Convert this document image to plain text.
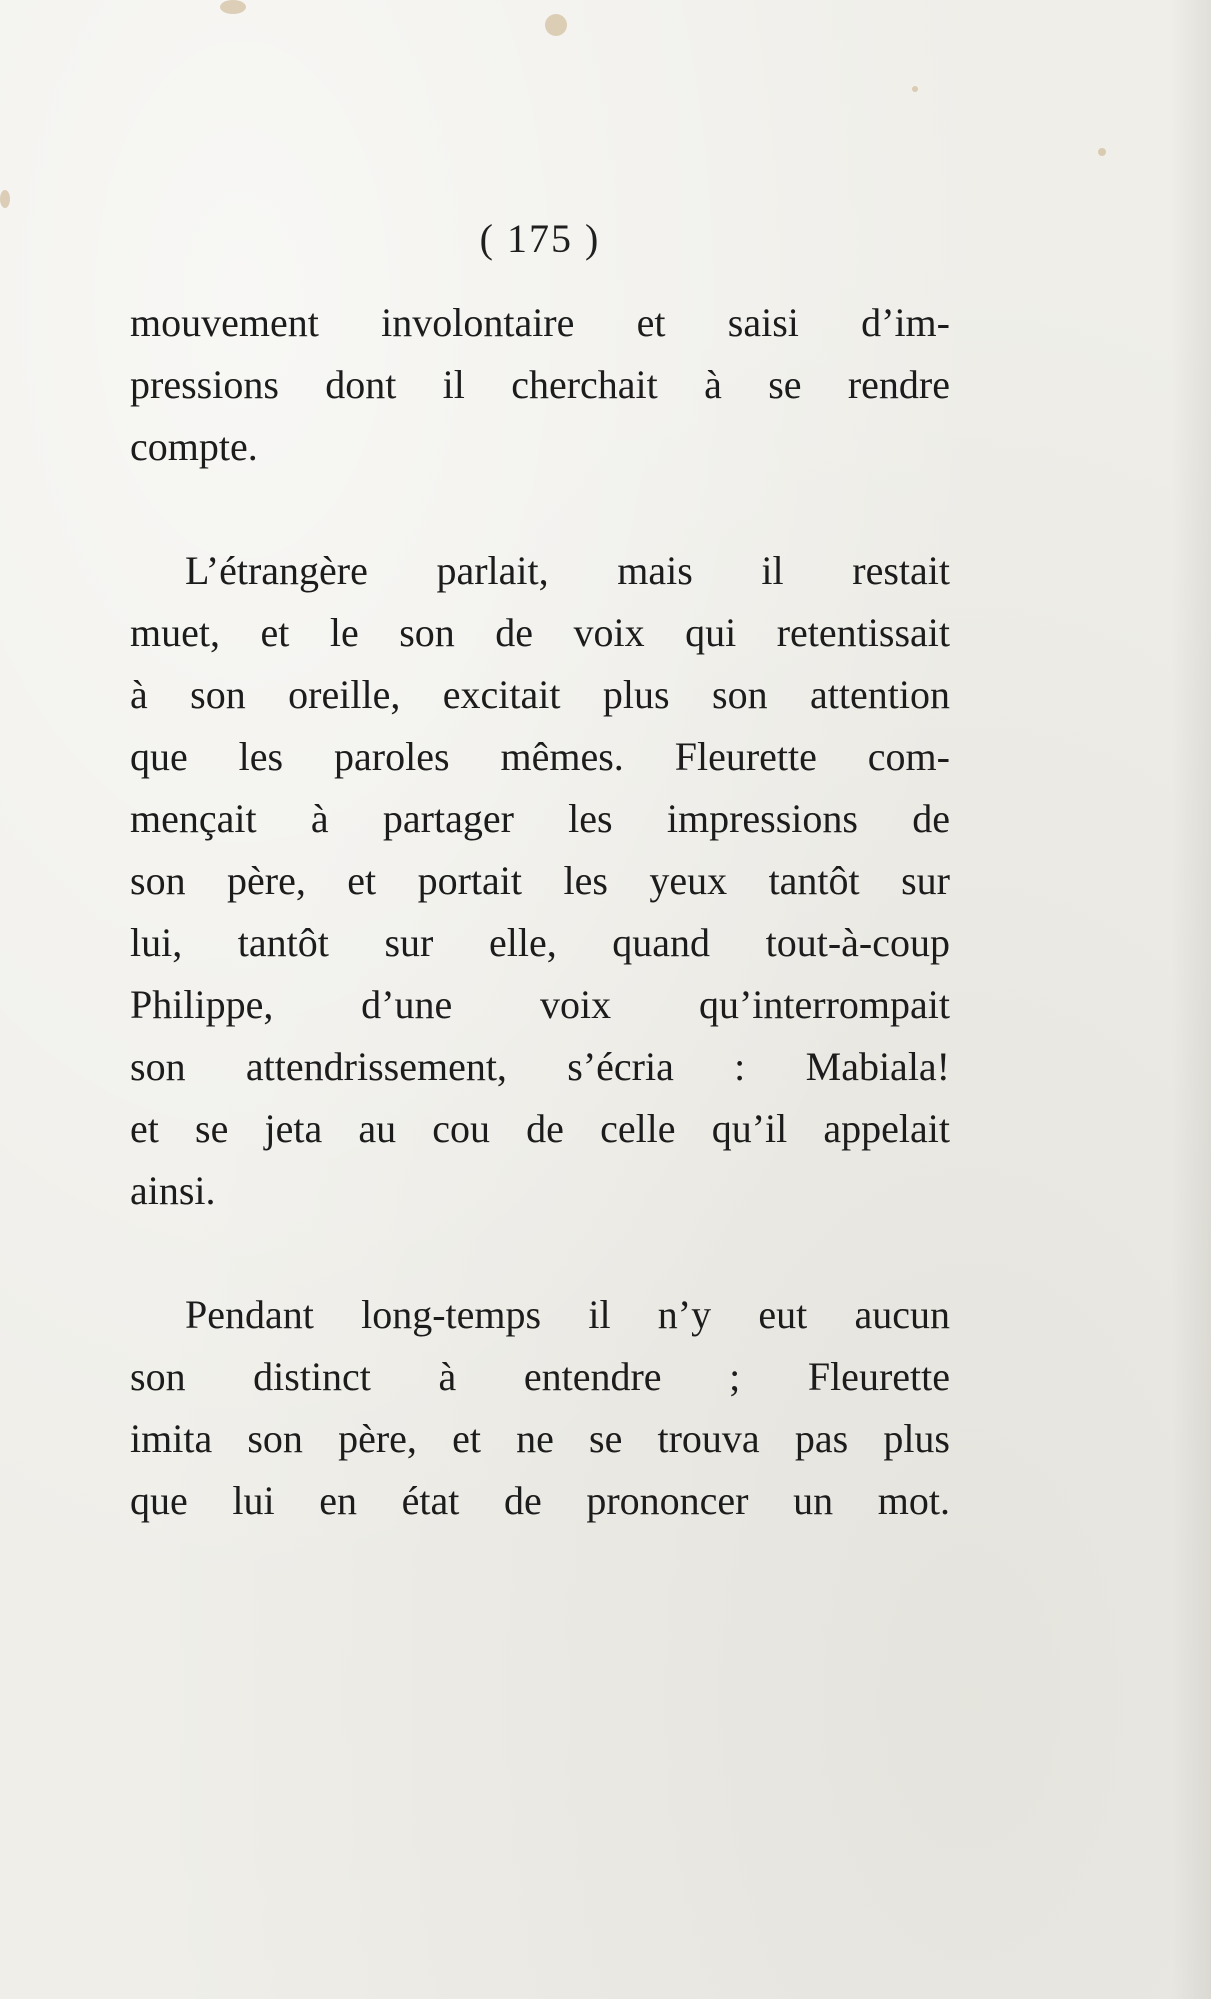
( 175 )

mouvement involontaire et saisi d’im-
pressions dont il cherchait à se rendre
compte.

L’étrangère parlait, mais il restait
muet, et le son de voix qui retentissait
à son oreille, excitait plus son attention
que les paroles mêmes. Fleurette com-
mençait à partager les impressions de
son père, et portait les yeux tantôt sur
lui, tantôt sur elle, quand tout-à-coup
Philippe, d’une voix qu’interrompait
son attendrissement, s’écria : Mabiala!
et se jeta au cou de celle qu’il appelait
ainsi.

Pendant long-temps il n’y eut aucun
son distinct à entendre ; Fleurette
imita son père, et ne se trouva pas plus
que lui en état de prononcer un mot.
